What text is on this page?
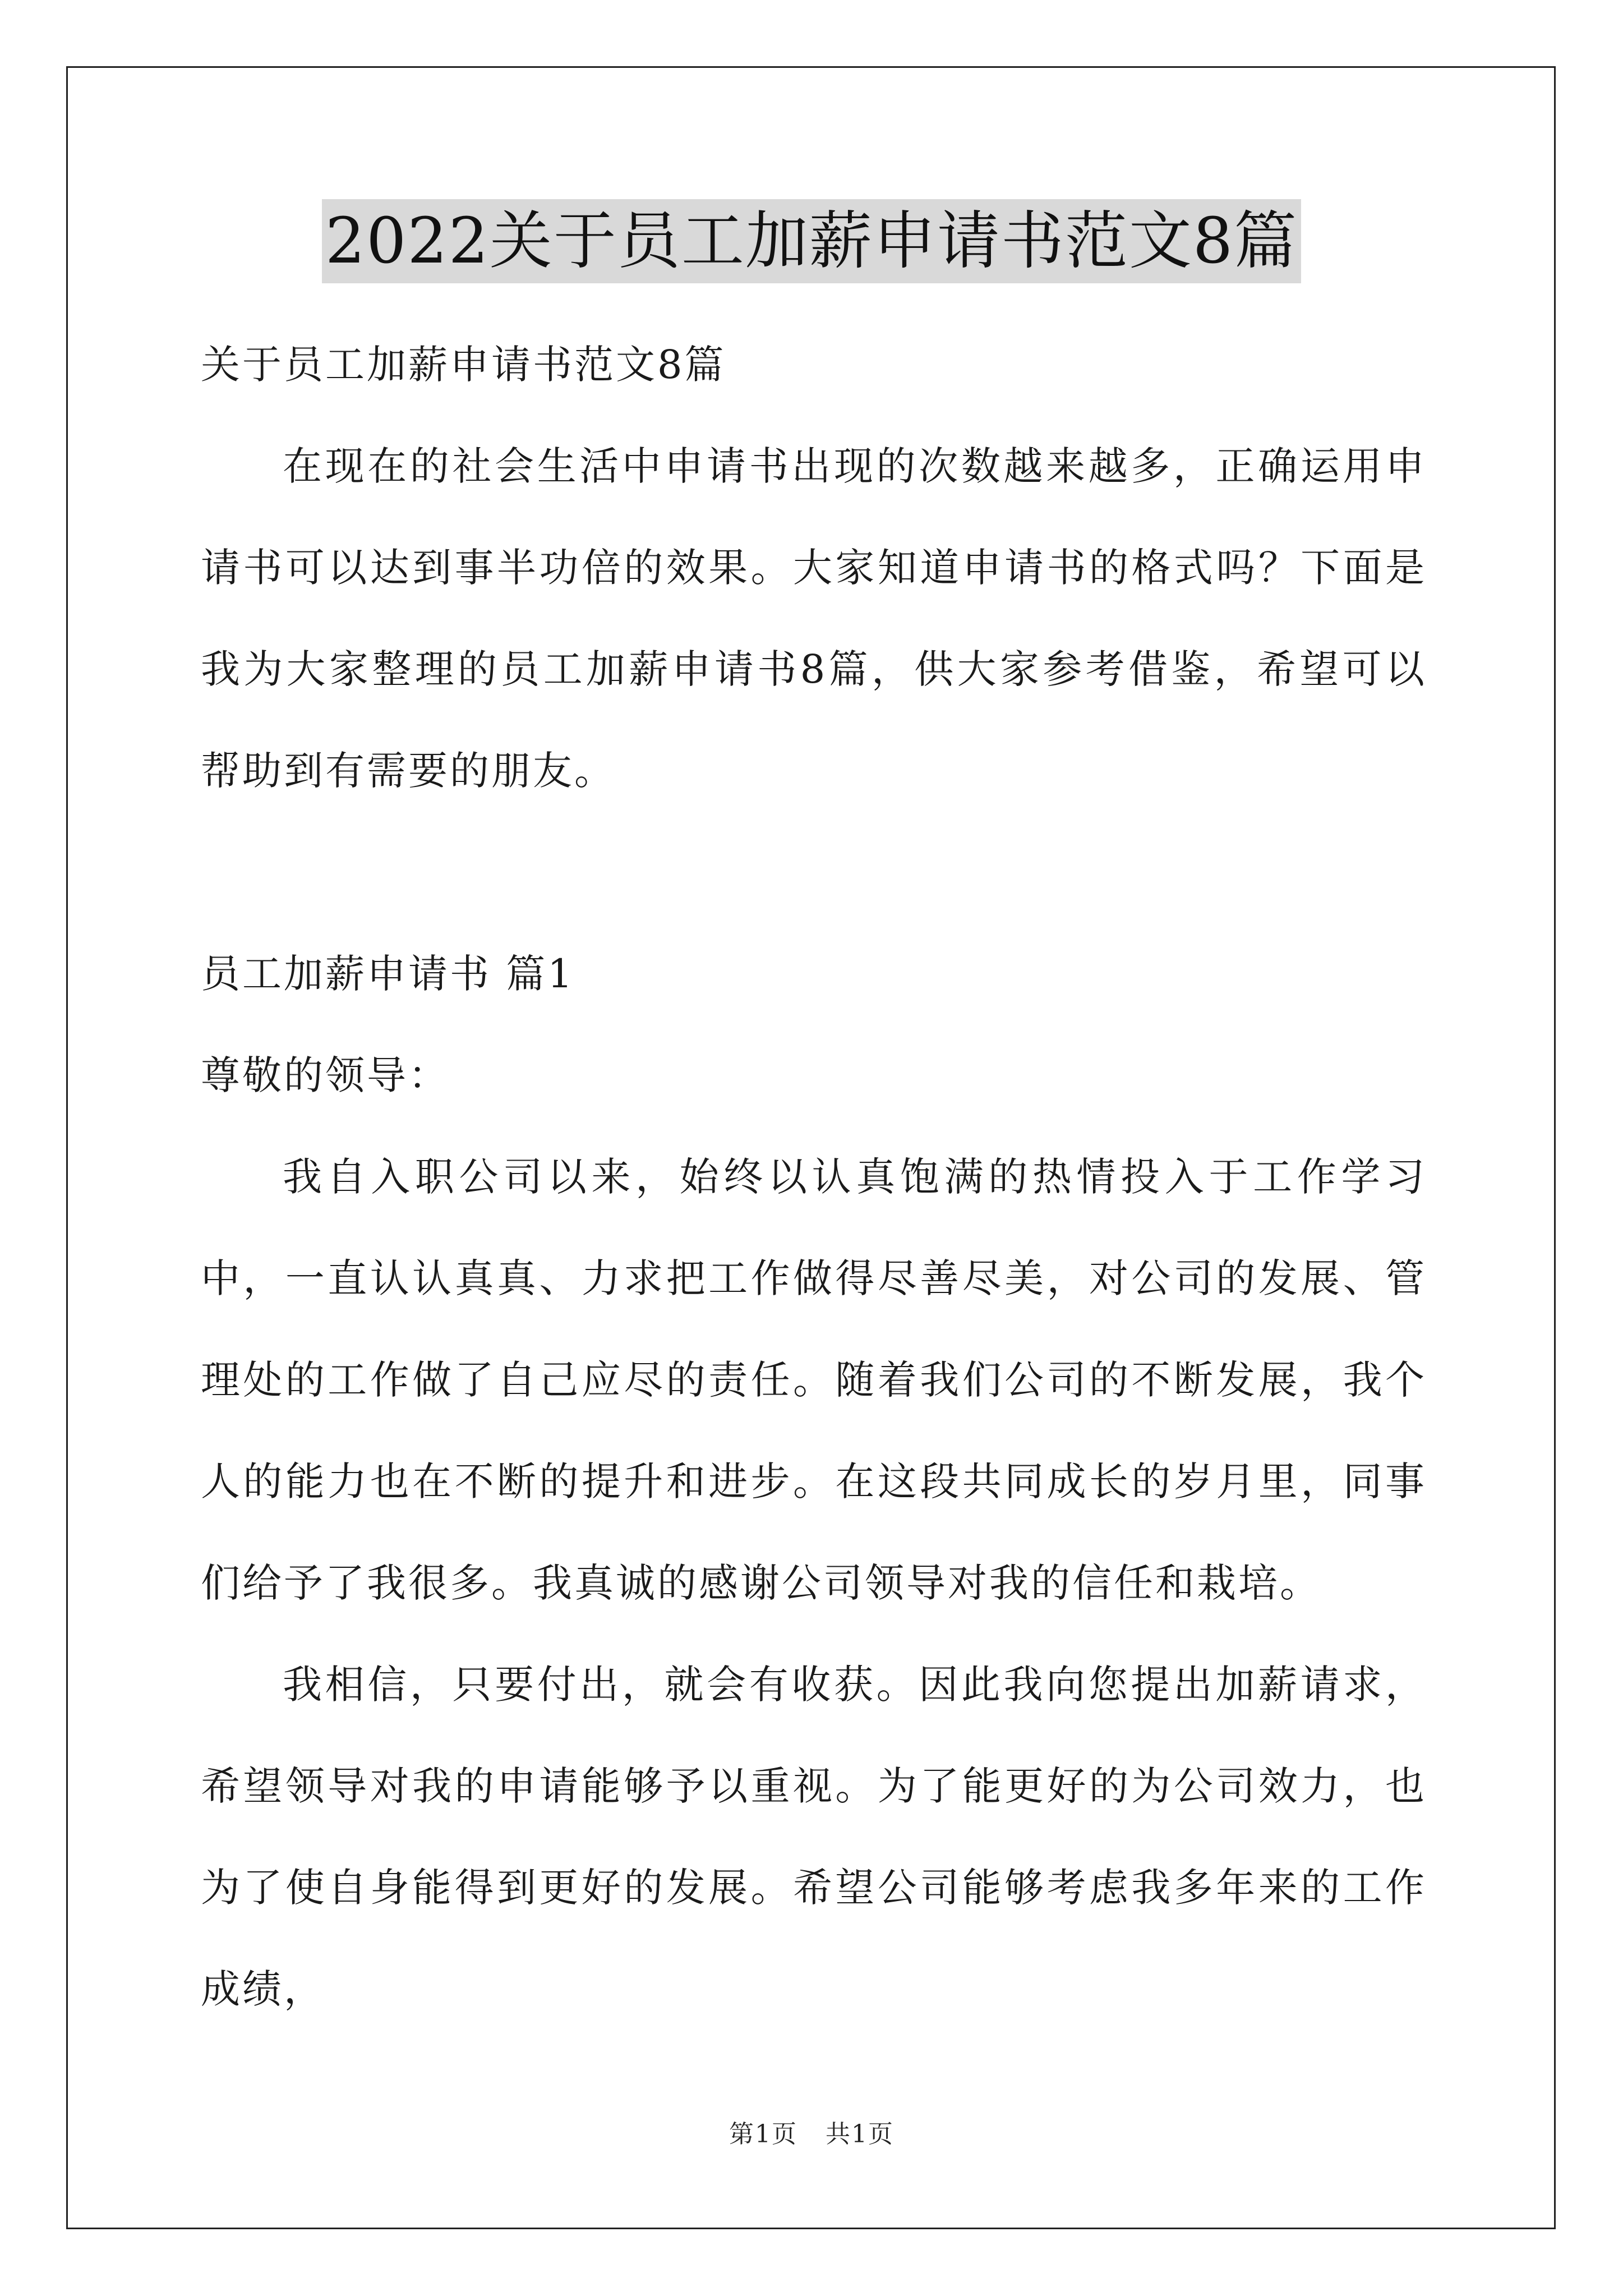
2022关于员工加薪申请书范文8篇

关于员工加薪申请书范文8篇

在现在的社会生活中申请书出现的次数越来越多，正确运用申请书可以达到事半功倍的效果。大家知道申请书的格式吗？下面是我为大家整理的员工加薪申请书8篇，供大家参考借鉴，希望可以帮助到有需要的朋友。

员工加薪申请书 篇1

尊敬的领导：

我自入职公司以来，始终以认真饱满的热情投入于工作学习中，一直认认真真、力求把工作做得尽善尽美，对公司的发展、管理处的工作做了自己应尽的责任。随着我们公司的不断发展，我个人的能力也在不断的提升和进步。在这段共同成长的岁月里，同事们给予了我很多。我真诚的感谢公司领导对我的信任和栽培。

我相信，只要付出，就会有收获。因此我向您提出加薪请求，希望领导对我的申请能够予以重视。为了能更好的为公司效力，也为了使自身能得到更好的发展。希望公司能够考虑我多年来的工作成绩，

第1页 共1页
